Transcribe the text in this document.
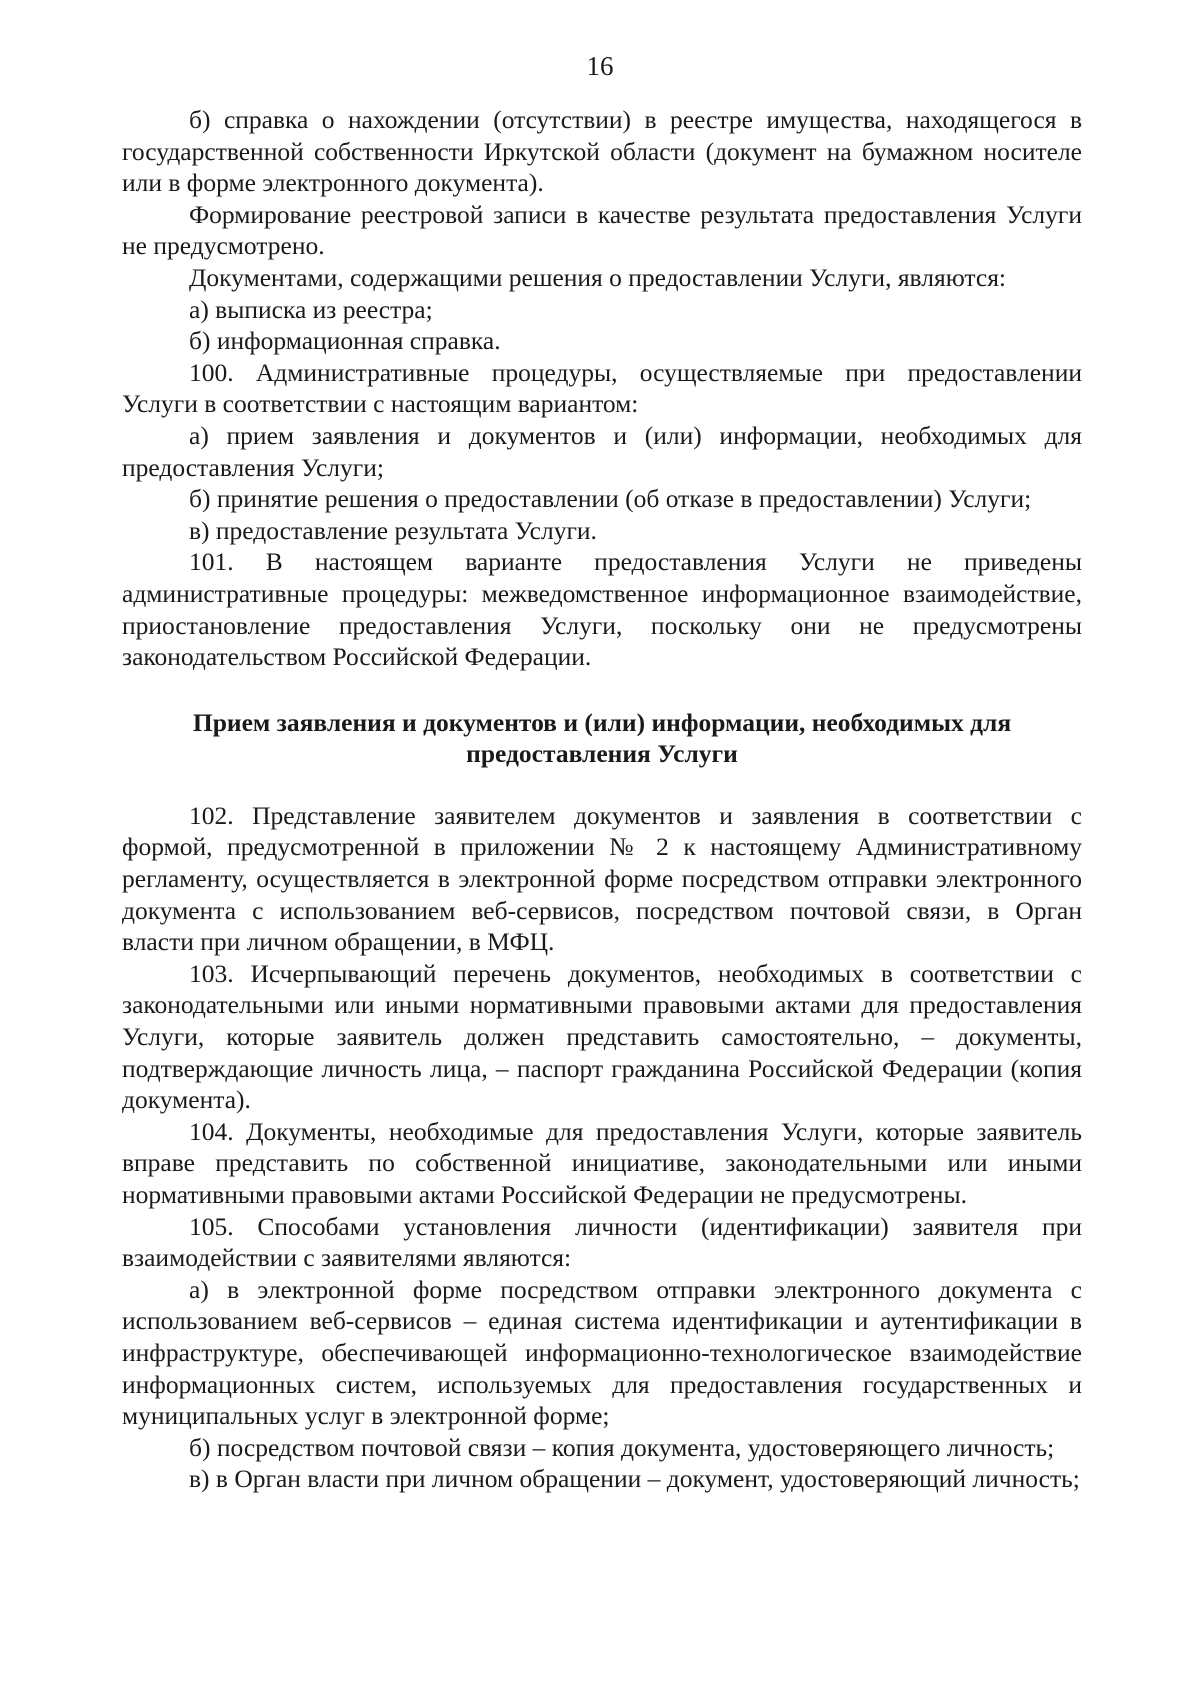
16

б) справка о нахождении (отсутствии) в реестре имущества, находящегося в государственной собственности Иркутской области (документ на бумажном носителе или в форме электронного документа).

Формирование реестровой записи в качестве результата предоставления Услуги не предусмотрено.

Документами, содержащими решения о предоставлении Услуги, являются:

а) выписка из реестра;

б) информационная справка.

100. Административные процедуры, осуществляемые при предоставлении Услуги в соответствии с настоящим вариантом:

а) прием заявления и документов и (или) информации, необходимых для предоставления Услуги;

б) принятие решения о предоставлении (об отказе в предоставлении) Услуги;

в) предоставление результата Услуги.

101. В настоящем варианте предоставления Услуги не приведены административные процедуры: межведомственное информационное взаимодействие, приостановление предоставления Услуги, поскольку они не предусмотрены законодательством Российской Федерации.

Прием заявления и документов и (или) информации, необходимых для предоставления Услуги

102. Представление заявителем документов и заявления в соответствии с формой, предусмотренной в приложении № 2 к настоящему Административному регламенту, осуществляется в электронной форме посредством отправки электронного документа с использованием веб-сервисов, посредством почтовой связи, в Орган власти при личном обращении, в МФЦ.

103. Исчерпывающий перечень документов, необходимых в соответствии с законодательными или иными нормативными правовыми актами для предоставления Услуги, которые заявитель должен представить самостоятельно, – документы, подтверждающие личность лица, – паспорт гражданина Российской Федерации (копия документа).

104. Документы, необходимые для предоставления Услуги, которые заявитель вправе представить по собственной инициативе, законодательными или иными нормативными правовыми актами Российской Федерации не предусмотрены.

105. Способами установления личности (идентификации) заявителя при взаимодействии с заявителями являются:

а) в электронной форме посредством отправки электронного документа с использованием веб-сервисов – единая система идентификации и аутентификации в инфраструктуре, обеспечивающей информационно-технологическое взаимодействие информационных систем, используемых для предоставления государственных и муниципальных услуг в электронной форме;

б) посредством почтовой связи – копия документа, удостоверяющего личность;

в) в Орган власти при личном обращении – документ, удостоверяющий личность;
